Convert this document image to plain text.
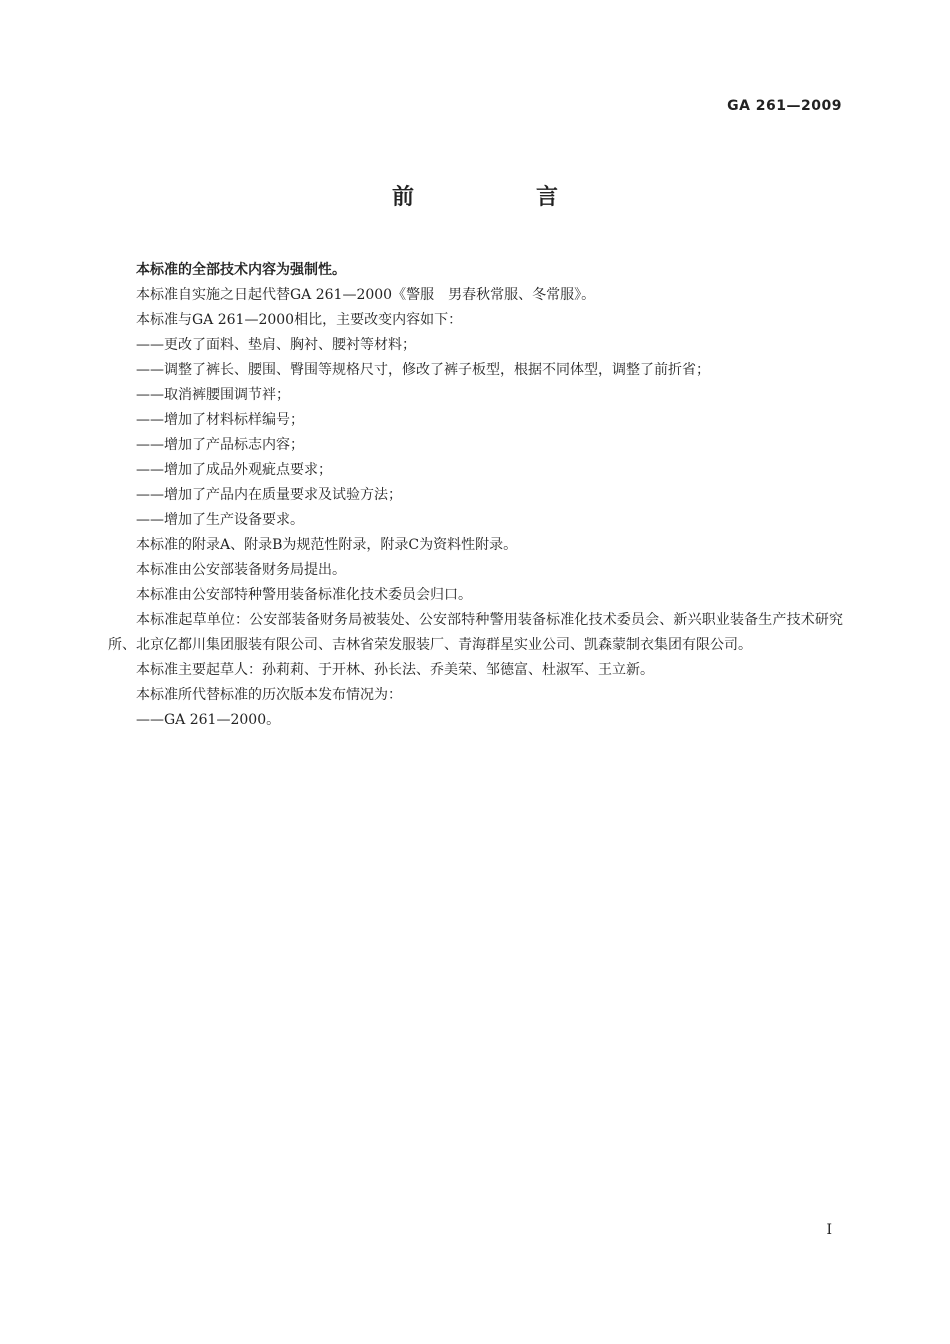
GA 261—2009
前　言

本标准的全部技术内容为强制性。

本标准自实施之日起代替GA 261—2000《警服　男春秋常服、冬常服》。

本标准与GA 261—2000相比，主要改变内容如下：

——更改了面料、垫肩、胸衬、腰衬等材料；

——调整了裤长、腰围、臀围等规格尺寸，修改了裤子板型，根据不同体型，调整了前折省；

——取消裤腰围调节袢；

——增加了材料标样编号；

——增加了产品标志内容；

——增加了成品外观疵点要求；

——增加了产品内在质量要求及试验方法；

——增加了生产设备要求。

本标准的附录A、附录B为规范性附录，附录C为资料性附录。

本标准由公安部装备财务局提出。

本标准由公安部特种警用装备标准化技术委员会归口。

本标准起草单位：公安部装备财务局被装处、公安部特种警用装备标准化技术委员会、新兴职业装备生产技术研究所、北京亿都川集团服装有限公司、吉林省荣发服装厂、青海群星实业公司、凯森蒙制衣集团有限公司。

本标准主要起草人：孙莉莉、于开林、孙长法、乔美荣、邹德富、杜淑军、王立新。

本标准所代替标准的历次版本发布情况为：

——GA 261—2000。

I
